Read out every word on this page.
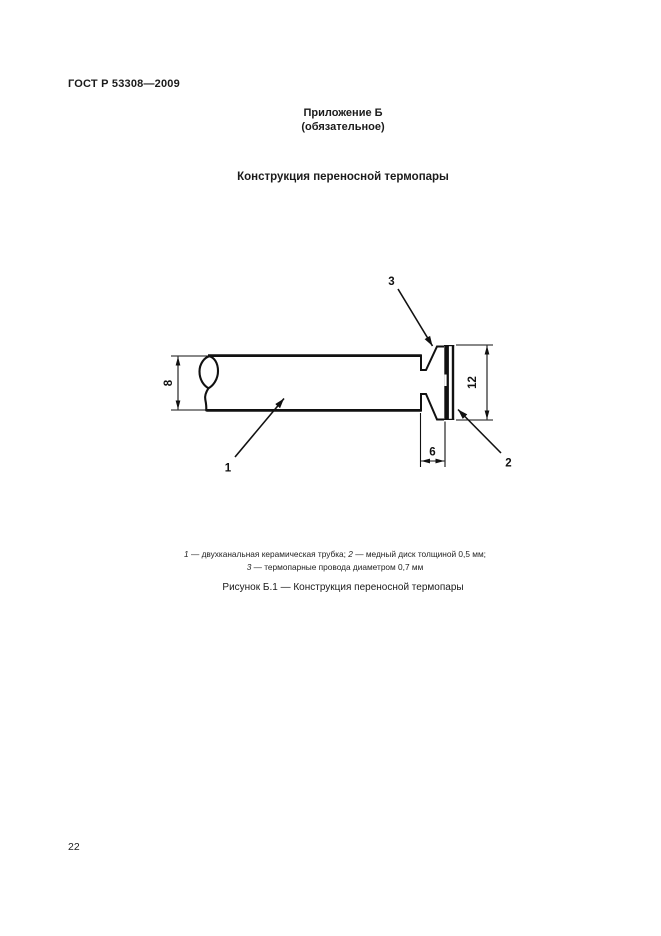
ГОСТ Р 53308—2009
Приложение Б
(обязательное)
Конструкция переносной термопары
8	12
6
1	2
3
1 — двухканальная керамическая трубка; 2 — медный диск толщиной 0,5 мм;
3 — термопарные провода диаметром 0,7 мм
Рисунок Б.1 — Конструкция переносной термопары
22
